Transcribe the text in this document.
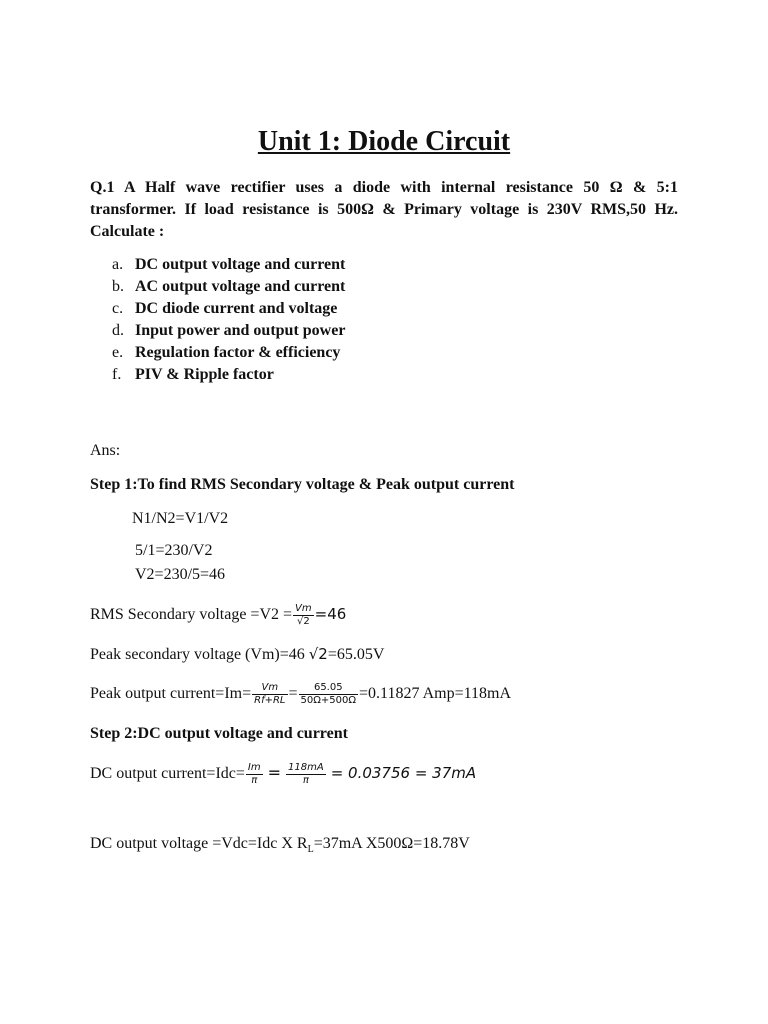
Unit 1: Diode Circuit
Q.1 A Half wave rectifier uses a diode with internal resistance 50 Ω & 5:1 transformer. If load resistance is 500Ω & Primary voltage is 230V RMS,50 Hz. Calculate :
a. DC output voltage and current
b. AC output voltage and current
c. DC diode current and voltage
d. Input power and output power
e. Regulation factor & efficiency
f. PIV & Ripple factor
Ans:
Step 1:To find RMS Secondary voltage & Peak output current
N1/N2=V1/V2
5/1=230/V2
V2=230/5=46
RMS Secondary voltage $=V2 = \frac{Vm}{√2} =46$
Peak secondary voltage (Vm)=46 √2=65.05V
Peak output current=Im= $\frac{Vm}{Rf+RL} = \frac{65.05}{50\Omega+500\Omega} =0.11827$ Amp=118mA
Step 2:DC output voltage and current
DC output current=Idc= $\frac{Im}{\pi} = \frac{118mA}{\pi} = 0.03756 = 37mA$
DC output voltage =Vdc=Idc X $R_L=37mA$ X500Ω=18.78V
